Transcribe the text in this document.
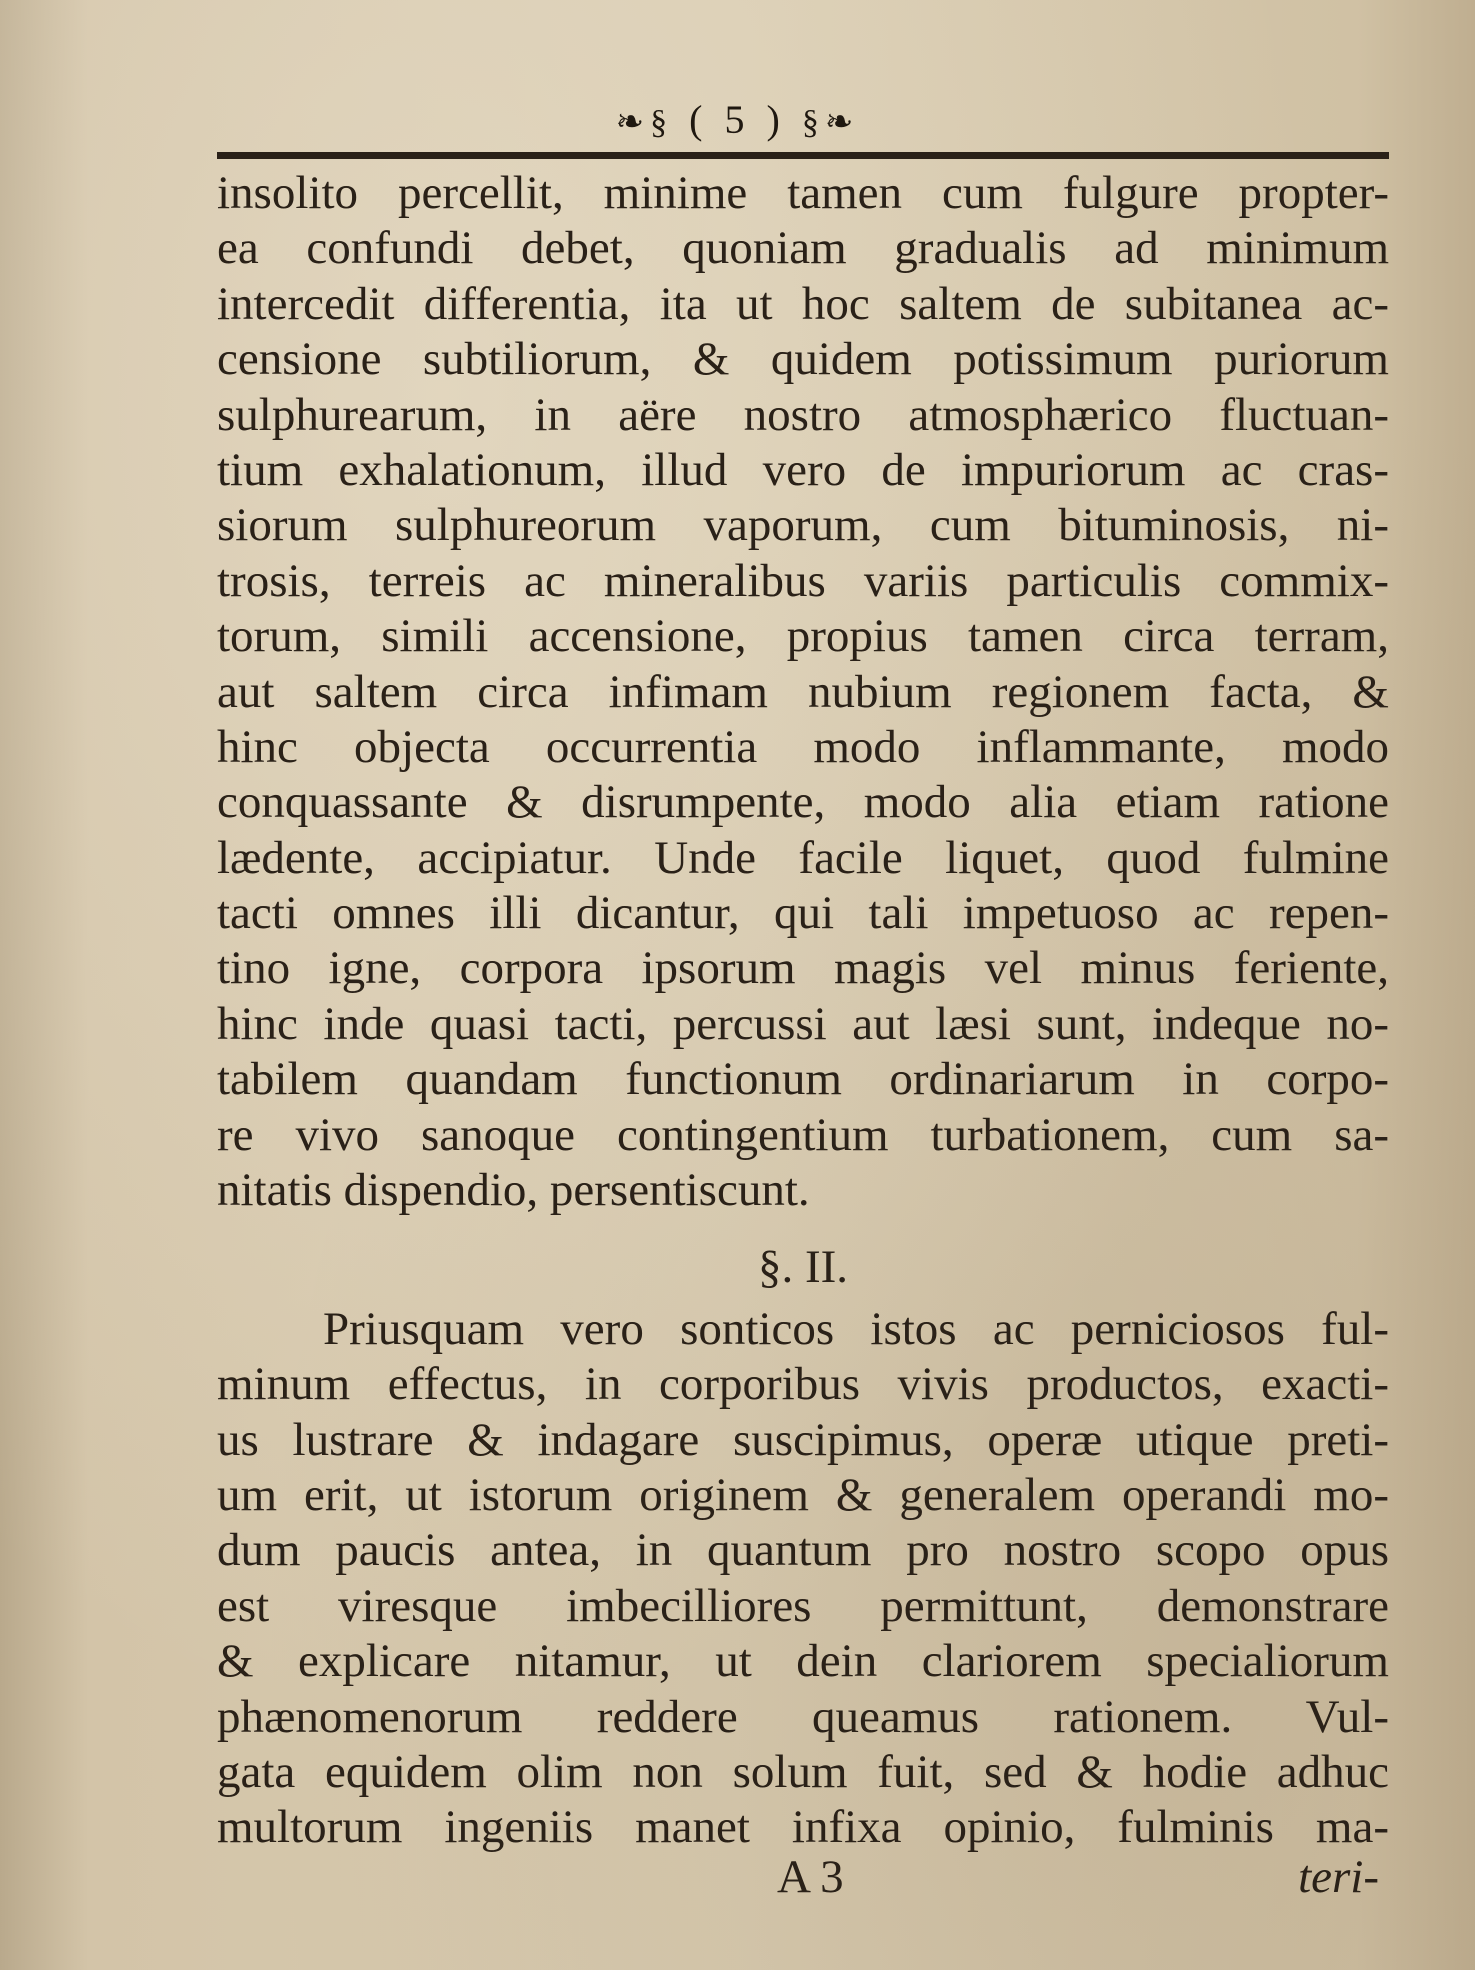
❧§ ( 5 ) §❧
insolito percellit, minime tamen cum fulgure propter-
ea confundi debet, quoniam gradualis ad minimum
intercedit differentia, ita ut hoc saltem de subitanea ac-
censione subtiliorum, & quidem potissimum puriorum
sulphurearum, in aëre nostro atmosphærico fluctuan-
tium exhalationum, illud vero de impuriorum ac cras-
siorum sulphureorum vaporum, cum bituminosis, ni-
trosis, terreis ac mineralibus variis particulis commix-
torum, simili accensione, propius tamen circa terram,
aut saltem circa infimam nubium regionem facta, &
hinc objecta occurrentia modo inflammante, modo
conquassante & disrumpente, modo alia etiam ratione
lædente, accipiatur. Unde facile liquet, quod fulmine
tacti omnes illi dicantur, qui tali impetuoso ac repen-
tino igne, corpora ipsorum magis vel minus feriente,
hinc inde quasi tacti, percussi aut læsi sunt, indeque no-
tabilem quandam functionum ordinariarum in corpo-
re vivo sanoque contingentium turbationem, cum sa-
nitatis dispendio, persentiscunt.
§. II.
Priusquam vero sonticos istos ac perniciosos ful-
minum effectus, in corporibus vivis productos, exacti-
us lustrare & indagare suscipimus, operæ utique preti-
um erit, ut istorum originem & generalem operandi mo-
dum paucis antea, in quantum pro nostro scopo opus
est viresque imbecilliores permittunt, demonstrare
& explicare nitamur, ut dein clariorem specialiorum
phænomenorum reddere queamus rationem. Vul-
gata equidem olim non solum fuit, sed & hodie adhuc
multorum ingeniis manet infixa opinio, fulminis ma-
A 3	teri-
